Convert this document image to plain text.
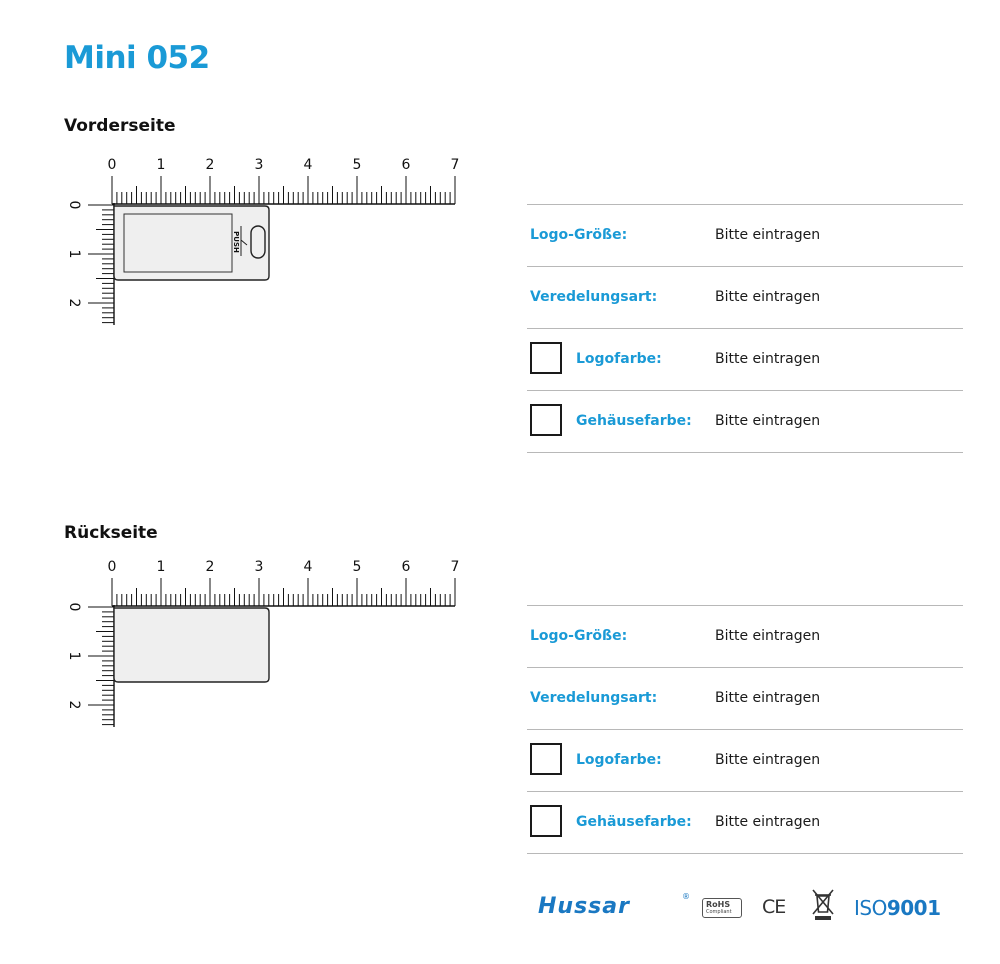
Mini 052
Vorderseite
0	1	2	3	4	5	6	7
0
1
2
PUSH	Logo-Größe:	Bitte eintragen
Veredelungsart:	Bitte eintragen
Logofarbe:	Bitte eintragen
Gehäusefarbe: Bitte eintragen
Rückseite
0	1	2	3	4	5	6	7
0
1
2
Logo-Größe:	Bitte eintragen
Veredelungsart:	Bitte eintragen
Logofarbe:	Bitte eintragen
Gehäusefarbe: Bitte eintragen
Hussar	®
RoHS
Compliant	CE	ISO9001
